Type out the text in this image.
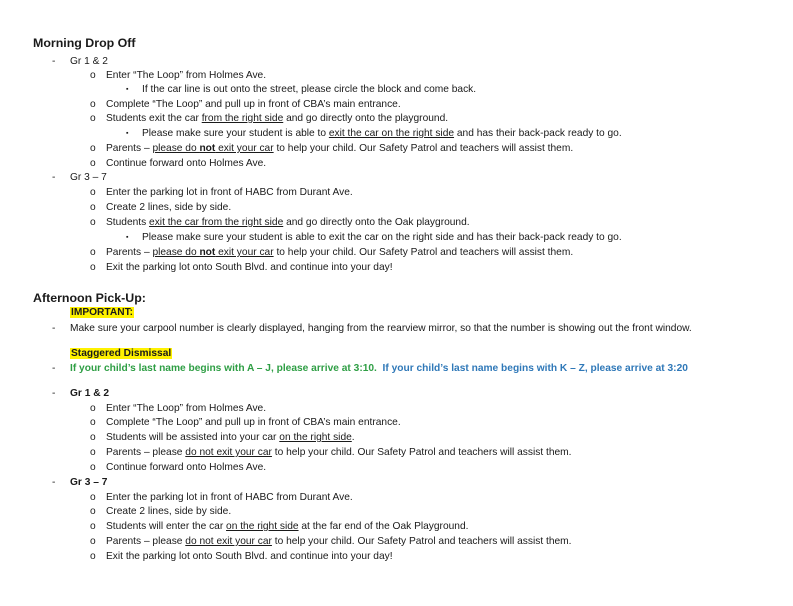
Morning Drop Off
- Gr 1 & 2
o Enter “The Loop” from Holmes Ave.
▪ If the car line is out onto the street, please circle the block and come back.
o Complete “The Loop” and pull up in front of CBA’s main entrance.
o Students exit the car from the right side and go directly onto the playground.
▪ Please make sure your student is able to exit the car on the right side and has their back-pack ready to go.
o Parents – please do not exit your car to help your child. Our Safety Patrol and teachers will assist them.
o Continue forward onto Holmes Ave.
- Gr 3 – 7
o Enter the parking lot in front of HABC from Durant Ave.
o Create 2 lines, side by side.
o Students exit the car from the right side and go directly onto the Oak playground.
▪ Please make sure your student is able to exit the car on the right side and has their back-pack ready to go.
o Parents – please do not exit your car to help your child. Our Safety Patrol and teachers will assist them.
o Exit the parking lot onto South Blvd. and continue into your day!
Afternoon Pick-Up:
IMPORTANT:
- Make sure your carpool number is clearly displayed, hanging from the rearview mirror, so that the number is showing out the front window.
Staggered Dismissal
- If your child’s last name begins with A – J, please arrive at 3:10. If your child’s last name begins with K – Z, please arrive at 3:20
- Gr 1 & 2
o Enter “The Loop” from Holmes Ave.
o Complete “The Loop” and pull up in front of CBA’s main entrance.
o Students will be assisted into your car on the right side.
o Parents – please do not exit your car to help your child. Our Safety Patrol and teachers will assist them.
o Continue forward onto Holmes Ave.
- Gr 3 – 7
o Enter the parking lot in front of HABC from Durant Ave.
o Create 2 lines, side by side.
o Students will enter the car on the right side at the far end of the Oak Playground.
o Parents – please do not exit your car to help your child. Our Safety Patrol and teachers will assist them.
o Exit the parking lot onto South Blvd. and continue into your day!
